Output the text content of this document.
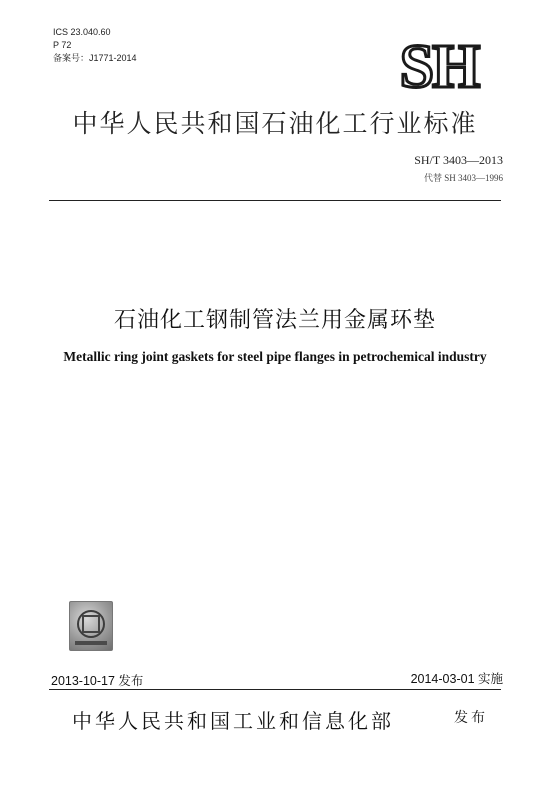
ICS 23.040.60
P 72
备案号：J1771-2014	SH
中华人民共和国石油化工行业标准
SH/T 3403—2013
代替 SH 3403—1996
石油化工钢制管法兰用金属环垫
Metallic ring joint gaskets for steel pipe flanges in petrochemical industry
2013-10-17 发布	2014-03-01 实施
中华人民共和国工业和信息化部	发布
